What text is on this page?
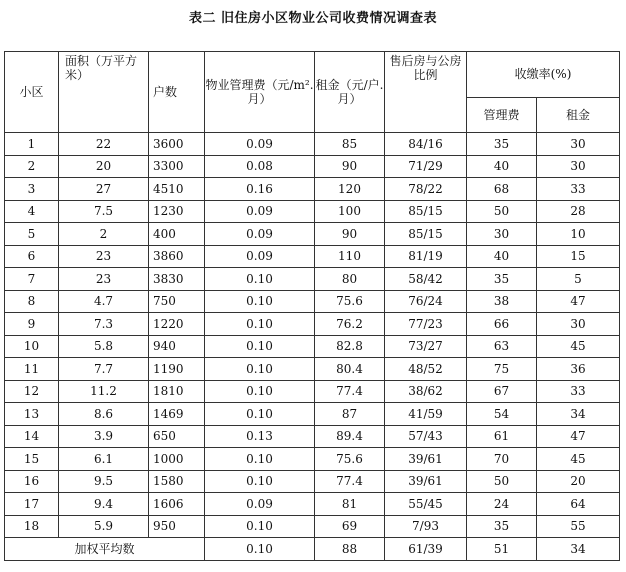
表二 旧住房小区物业公司收费情况调查表
小区	面积（万平方米）	户数	物业管理费（元/m².月）	租金（元/户.月）	售后房与公房比例	收缴率(%)	
						管理费	租金
1	22	3600	0.09	85	84/16	35	30
2	20	3300	0.08	90	71/29	40	30
3	27	4510	0.16	120	78/22	68	33
4	7.5	1230	0.09	100	85/15	50	28
5	2	400	0.09	90	85/15	30	10
6	23	3860	0.09	110	81/19	40	15
7	23	3830	0.10	80	58/42	35	5
8	4.7	750	0.10	75.6	76/24	38	47
9	7.3	1220	0.10	76.2	77/23	66	30
10	5.8	940	0.10	82.8	73/27	63	45
11	7.7	1190	0.10	80.4	48/52	75	36
12	11.2	1810	0.10	77.4	38/62	67	33
13	8.6	1469	0.10	87	41/59	54	34
14	3.9	650	0.13	89.4	57/43	61	47
15	6.1	1000	0.10	75.6	39/61	70	45
16	9.5	1580	0.10	77.4	39/61	50	20
17	9.4	1606	0.09	81	55/45	24	64
18	5.9	950	0.10	69	7/93	35	55
加权平均数			0.10	88	61/39	51	34
